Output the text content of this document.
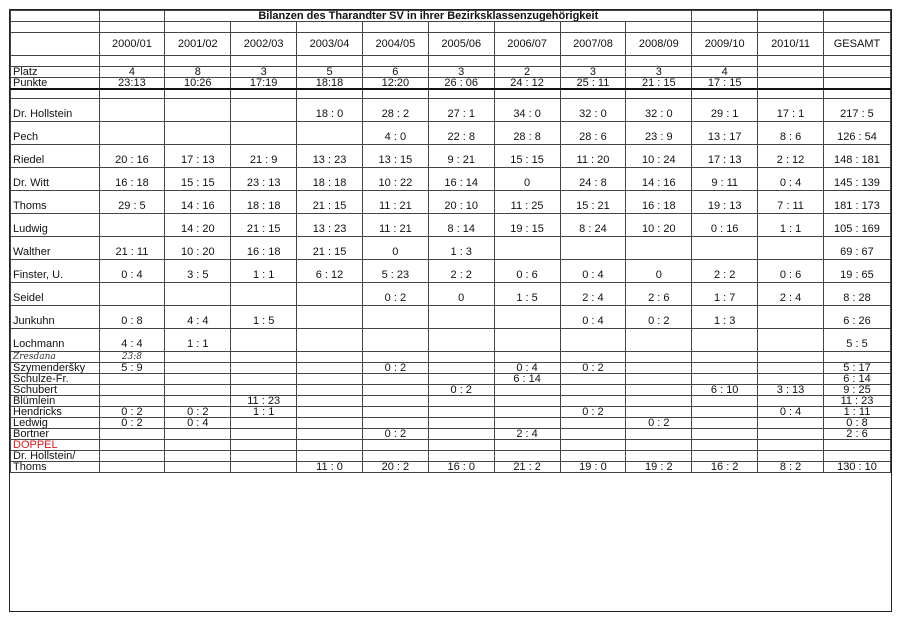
		Bilanzen des Tharandter SV in ihrer Bezirksklassenzugehörigkeit										

	2000/01	2001/02	2002/03	2003/04	2004/05	2005/06	2006/07	2007/08	2008/09	2009/10	2010/11	GESAMT

Platz	4	8	3	5	6	3	2	3	3	4		
Punkte	23:13	10:26	17:19	18:18	12:20	26 : 06	24 : 12	25 : 11	21 : 15	17 : 15		

Dr. Hollstein				18 : 0	28 : 2	27 : 1	34 : 0	32 : 0	32 : 0	29 : 1	17 : 1	217 : 5
Pech					4 : 0	22 : 8	28 : 8	28 : 6	23 : 9	13 : 17	8 : 6	126 : 54
Riedel	20 : 16	17 : 13	21 : 9	13 : 23	13 : 15	9 : 21	15 : 15	11 : 20	10 : 24	17 : 13	2 : 12	148 : 181
Dr. Witt	16 : 18	15 : 15	23 : 13	18 : 18	10 : 22	16 : 14	0	24 : 8	14 : 16	9 : 11	0 : 4	145 : 139
Thoms	29 : 5	14 : 16	18 : 18	21 : 15	11 : 21	20 : 10	11 : 25	15 : 21	16 : 18	19 : 13	7 : 11	181 : 173
Ludwig		14 : 20	21 : 15	13 : 23	11 : 21	8 : 14	19 : 15	8 : 24	10 : 20	0 : 16	1 : 1	105 : 169
Walther	21 : 11	10 : 20	16 : 18	21 : 15	0	1 : 3						69 : 67
Finster, U.	0 : 4	3 : 5	1 : 1	6 : 12	5 : 23	2 : 2	0 : 6	0 : 4	0	2 : 2	0 : 6	19 : 65
Seidel					0 : 2	0	1 : 5	2 : 4	2 : 6	1 : 7	2 : 4	8 : 28
Junkuhn	0 : 8	4 : 4	1 : 5					0 : 4	0 : 2	1 : 3		6 : 26
Lochmann	4 : 4	1 : 1										5 : 5
Zresdana	23:8											
Szymenderšky	5 : 9				0 : 2		0 : 4	0 : 2				5 : 17
Schulze-Fr.							6 : 14					6 : 14
Schubert						0 : 2				6 : 10	3 : 13	9 : 25
Blümlein			11 : 23									11 : 23
Hendricks	0 : 2	0 : 2	1 : 1					0 : 2			0 : 4	1 : 11
Ledwig	0 : 2	0 : 4							0 : 2			0 : 8
Bortner					0 : 2		2 : 4					2 : 6
DOPPEL												
Dr. Hollstein/												
Thoms				11 : 0	20 : 2	16 : 0	21 : 2	19 : 0	19 : 2	16 : 2	8 : 2	130 : 10
